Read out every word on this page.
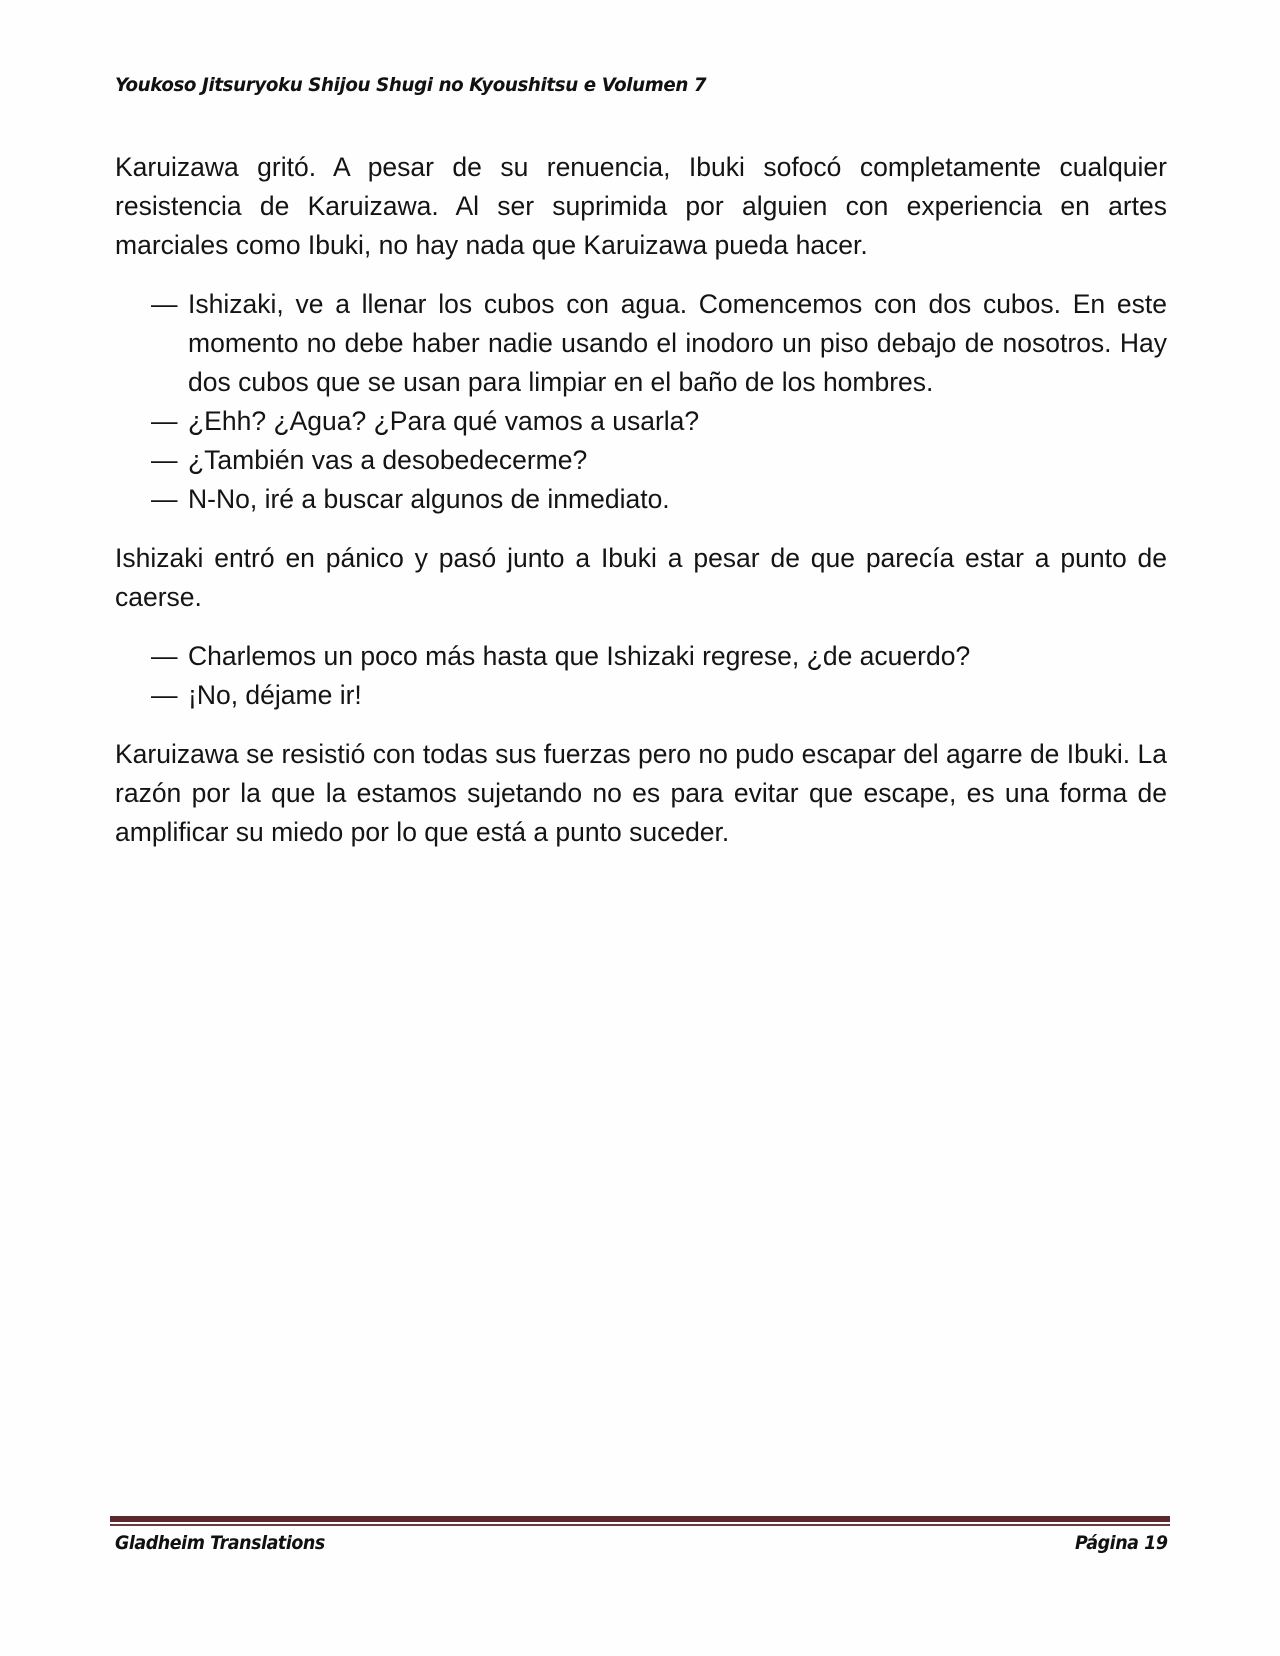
Youkoso Jitsuryoku Shijou Shugi no Kyoushitsu e Volumen 7

Karuizawa gritó. A pesar de su renuencia, Ibuki sofocó completamente cualquier resistencia de Karuizawa. Al ser suprimida por alguien con experiencia en artes marciales como Ibuki, no hay nada que Karuizawa pueda hacer.

— Ishizaki, ve a llenar los cubos con agua. Comencemos con dos cubos. En este momento no debe haber nadie usando el inodoro un piso debajo de nosotros. Hay dos cubos que se usan para limpiar en el baño de los hombres.
— ¿Ehh? ¿Agua? ¿Para qué vamos a usarla?
— ¿También vas a desobedecerme?
— N-No, iré a buscar algunos de inmediato.

Ishizaki entró en pánico y pasó junto a Ibuki a pesar de que parecía estar a punto de caerse.

— Charlemos un poco más hasta que Ishizaki regrese, ¿de acuerdo?
— ¡No, déjame ir!

Karuizawa se resistió con todas sus fuerzas pero no pudo escapar del agarre de Ibuki. La razón por la que la estamos sujetando no es para evitar que escape, es una forma de amplificar su miedo por lo que está a punto suceder.

Gladheim Translations	Página 19
